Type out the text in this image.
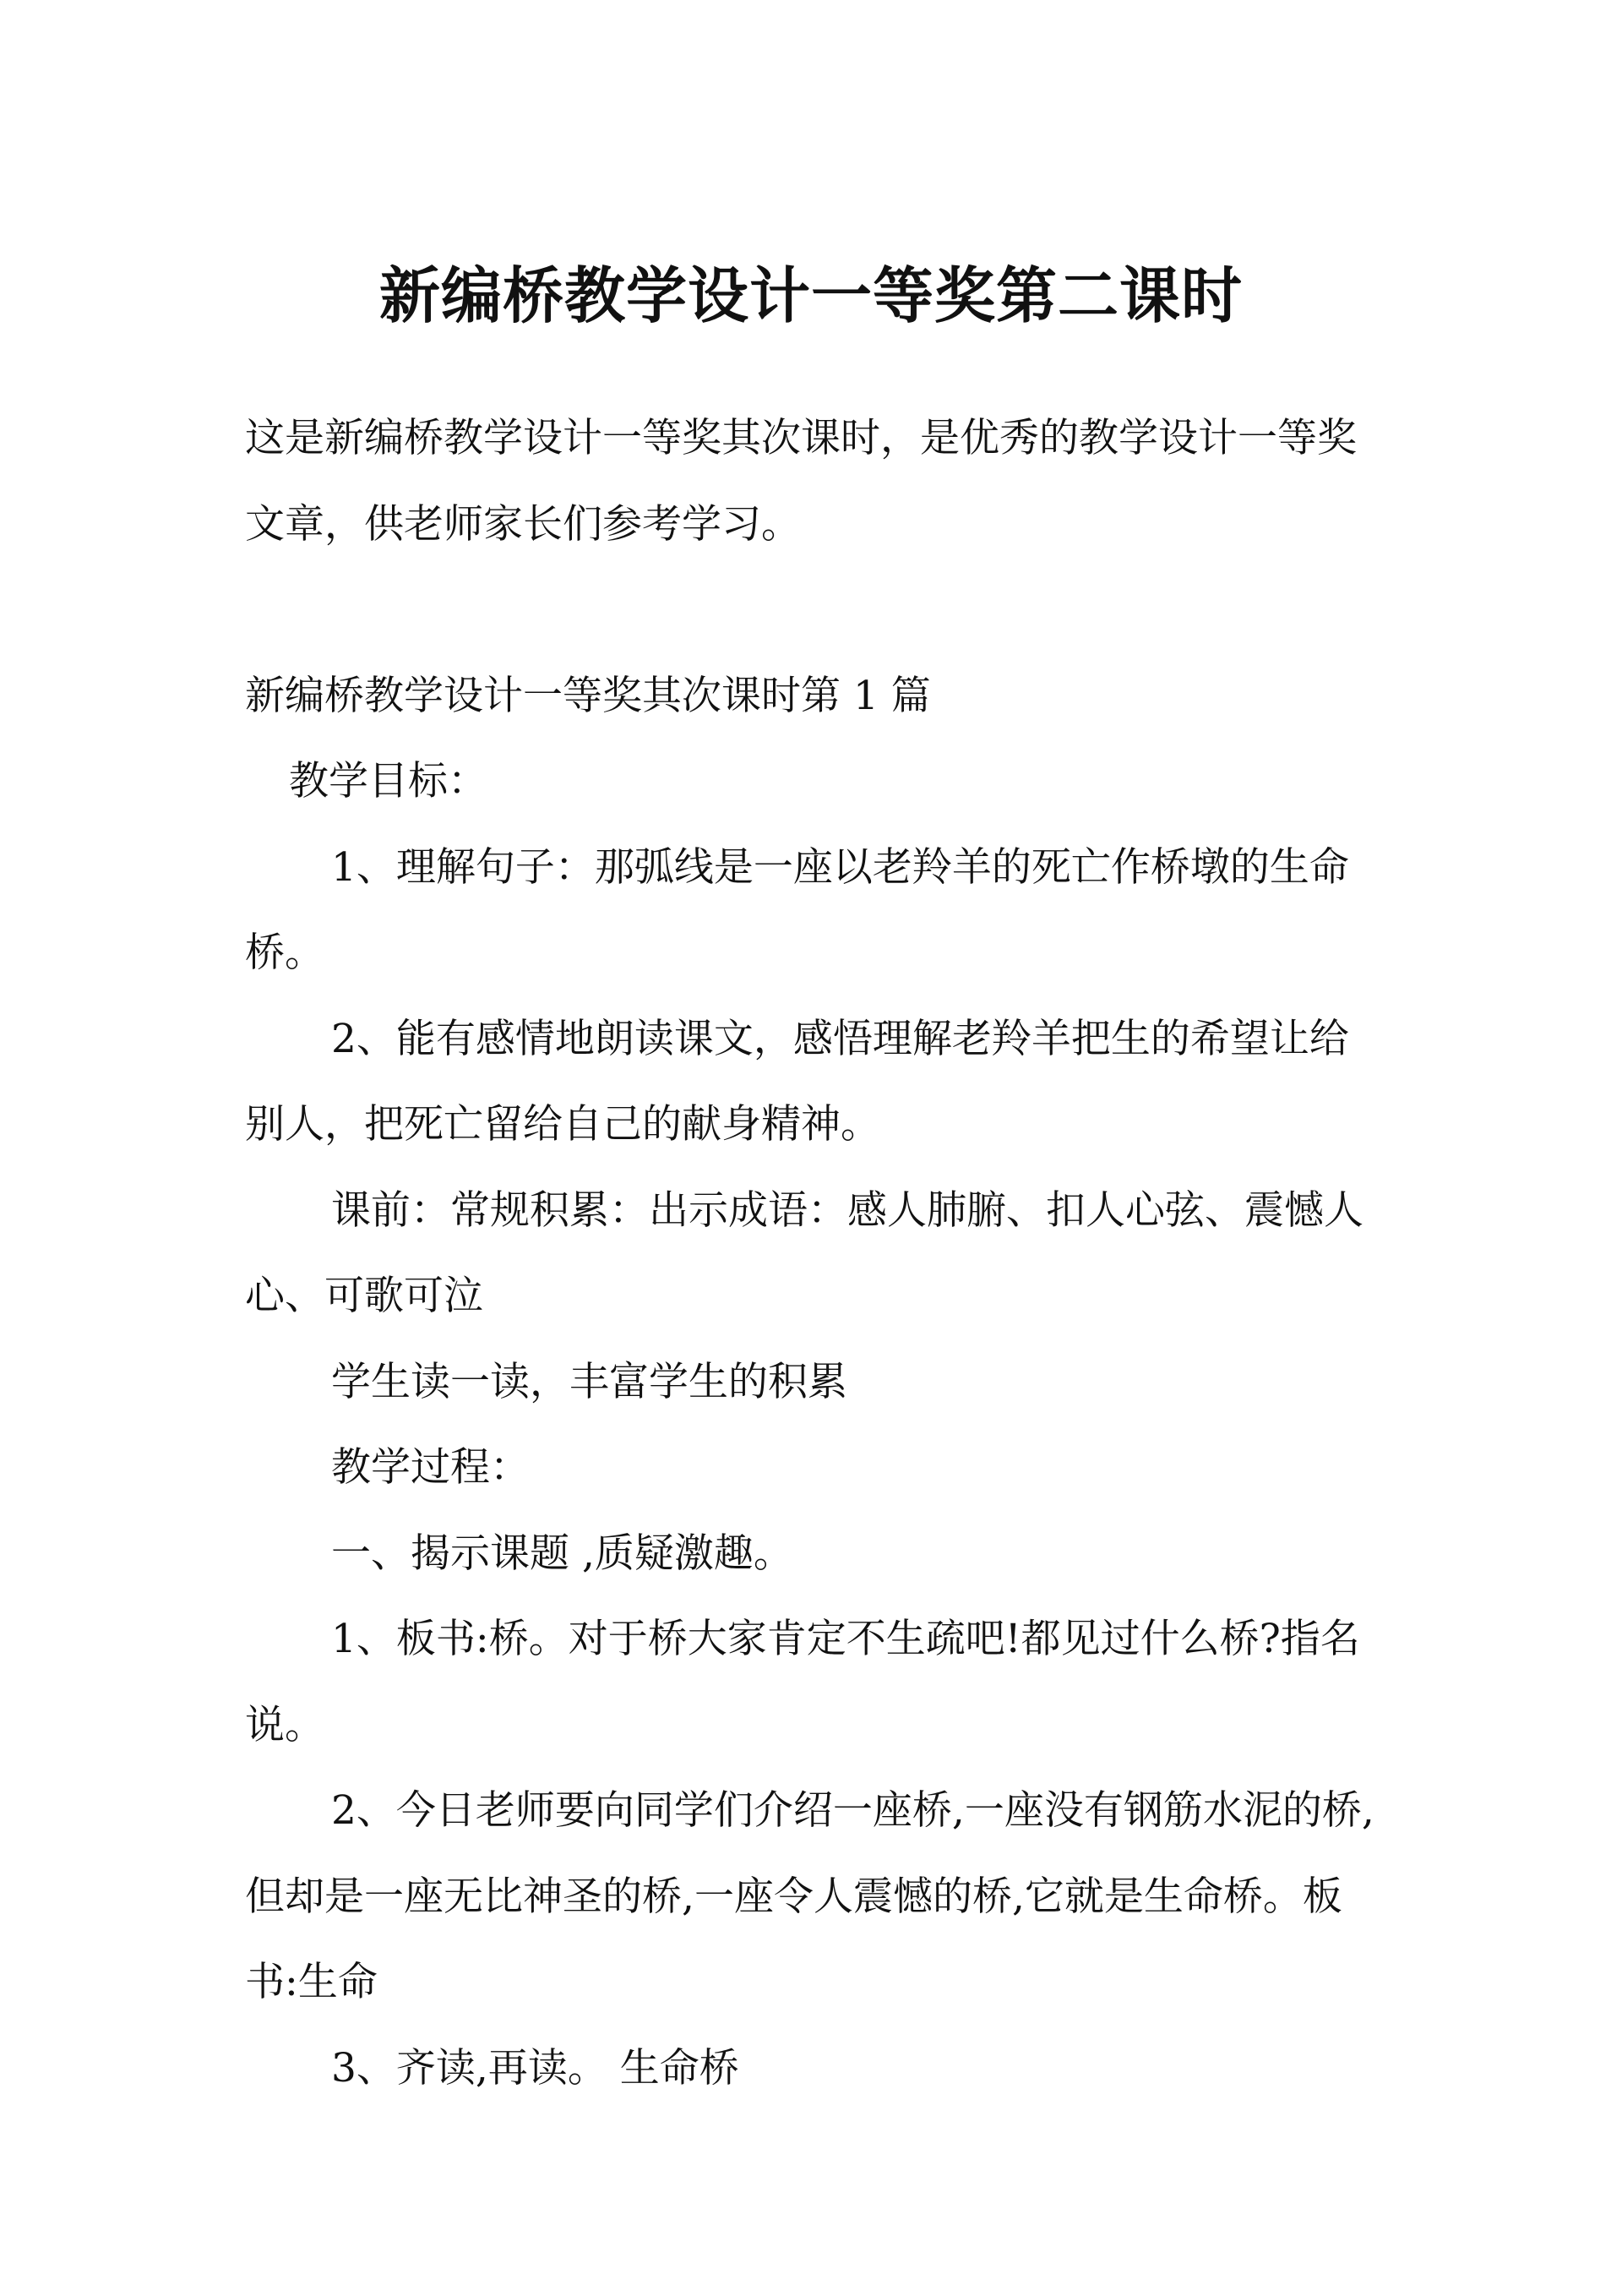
新编桥教学设计一等奖第二课时

这是新编桥教学设计一等奖其次课时，是优秀的教学设计一等奖文章，供老师家长们参考学习。

新编桥教学设计一等奖其次课时第 1 篇

教学目标：

1、理解句子：那弧线是一座以老羚羊的死亡作桥墩的生命桥。

2、能有感情地朗读课文，感悟理解老羚羊把生的希望让给别人，把死亡留给自己的献身精神。

课前：常规积累：出示成语：感人肺腑、扣人心弦、震憾人心、可歌可泣

学生读一读，丰富学生的积累

教学过程：

一、揭示课题 ,质疑激趣。

1、板书:桥。对于桥大家肯定不生疏吧!都见过什么桥?指名说。

2、今日老师要向同学们介绍一座桥,一座没有钢筋水泥的桥,但却是一座无比神圣的桥,一座令人震憾的桥,它就是生命桥。板书:生命

3、齐读,再读。 生命桥
